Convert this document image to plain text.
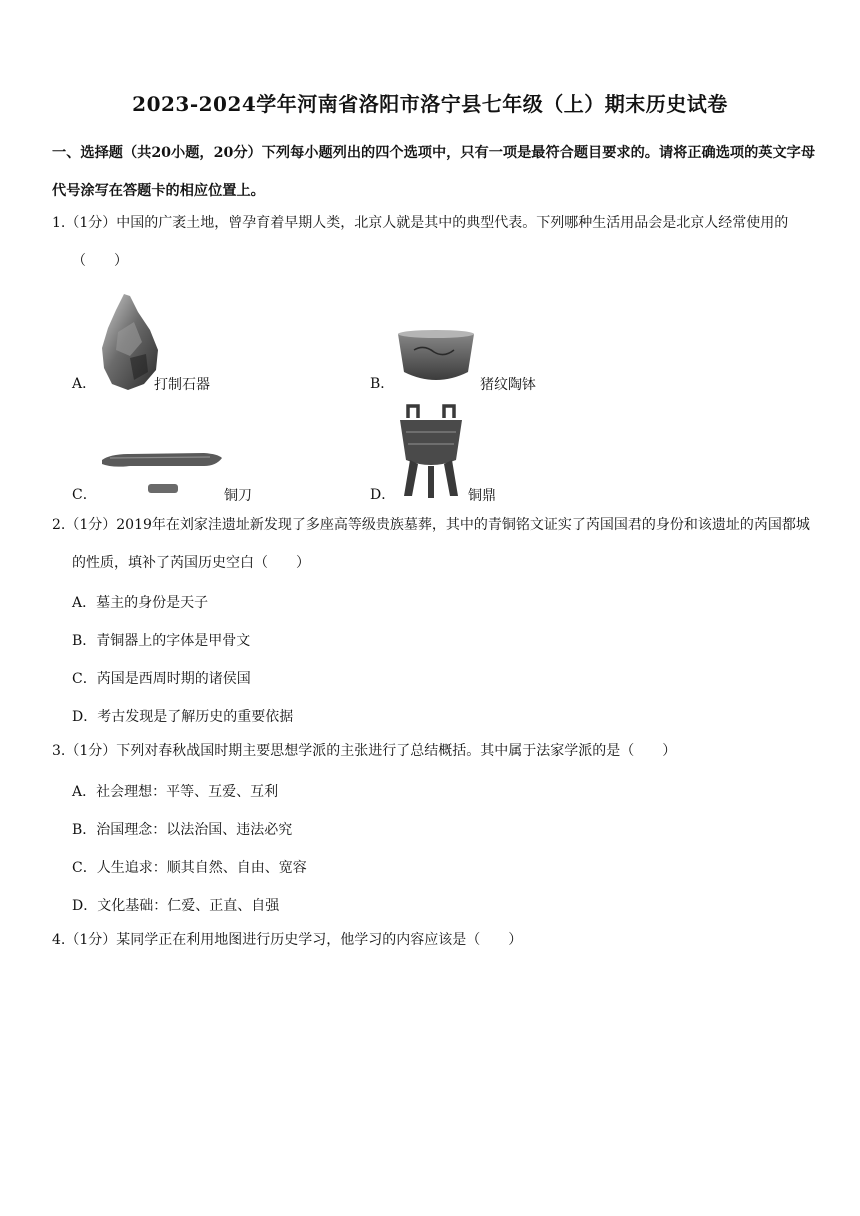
2023-2024学年河南省洛阳市洛宁县七年级（上）期末历史试卷
一、选择题（共20小题，20分）下列每小题列出的四个选项中，只有一项是最符合题目要求的。请将正确选项的英文字母代号涂写在答题卡的相应位置上。
1.（1分）中国的广袤土地，曾孕育着早期人类，北京人就是其中的典型代表。下列哪种生活用品会是北京人经常使用的（　　）
A．	打制石器	B．	猪纹陶钵
C．	铜刀	D．	铜鼎
2.（1分）2019年在刘家洼遗址新发现了多座高等级贵族墓葬，其中的青铜铭文证实了芮国国君的身份和该遗址的芮国都城的性质，填补了芮国历史空白（　　）
A．墓主的身份是天子
B．青铜器上的字体是甲骨文
C．芮国是西周时期的诸侯国
D．考古发现是了解历史的重要依据
3.（1分）下列对春秋战国时期主要思想学派的主张进行了总结概括。其中属于法家学派的是（　　）
A．社会理想：平等、互爱、互利
B．治国理念：以法治国、违法必究
C．人生追求：顺其自然、自由、宽容
D．文化基础：仁爱、正直、自强
4.（1分）某同学正在利用地图进行历史学习，他学习的内容应该是（　　）
